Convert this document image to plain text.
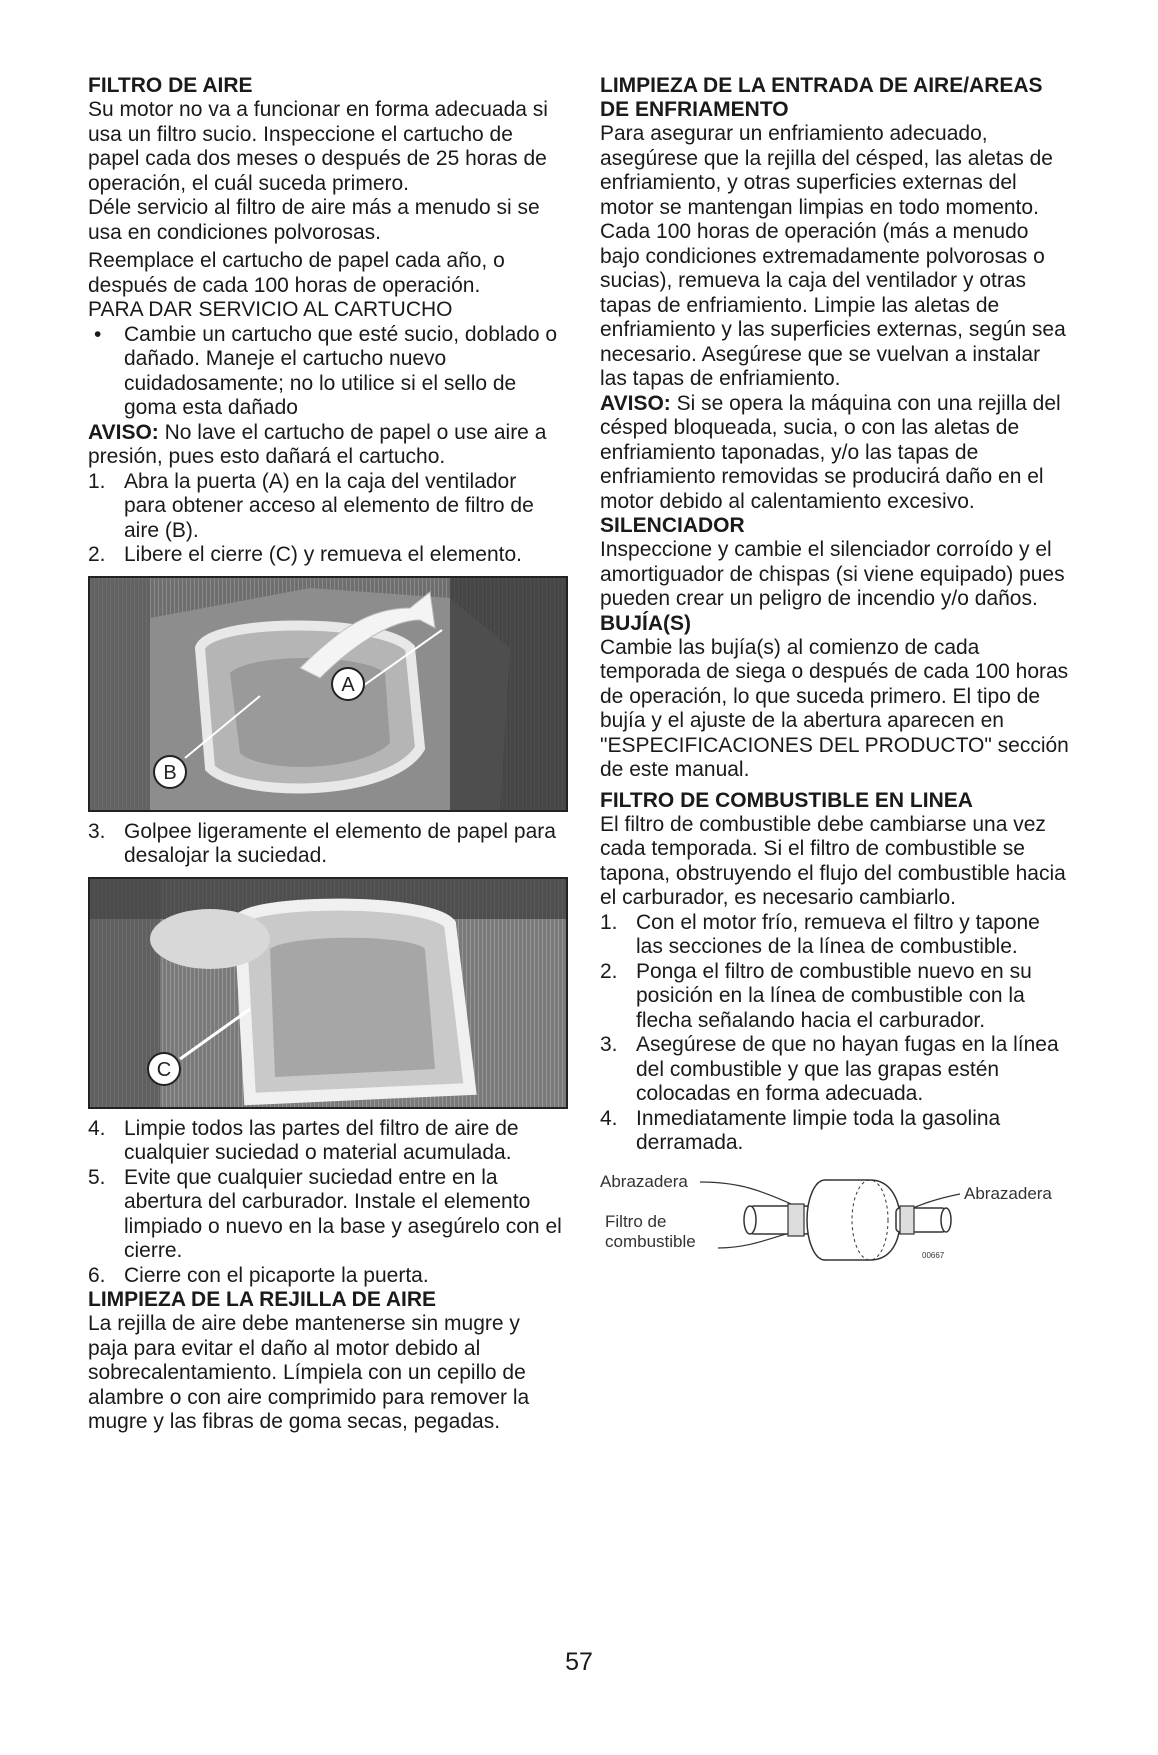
FILTRO DE AIRE

Su motor no va a funcionar en forma adecuada si usa un filtro sucio. Inspeccione el cartucho de papel cada dos meses o después de 25 horas de operación, el cuál suceda primero.

Déle servicio al filtro de aire más a menudo si se usa en condiciones polvorosas.

Reemplace el cartucho de papel cada año, o después de cada 100 horas de operación.

PARA DAR SERVICIO AL CARTUCHO

• Cambie un cartucho que esté sucio, doblado o dañado. Maneje el cartucho nuevo cuidadosamente; no lo utilice si el sello de goma esta dañado

AVISO: No lave el cartucho de papel o use aire a presión, pues esto dañará el cartucho.

1. Abra la puerta (A) en la caja del ventilador para obtener acceso al elemento de filtro de aire (B).

2. Libere el cierre (C) y remueva el elemento.

A
B

3. Golpee ligeramente el elemento de papel para desalojar la suciedad.

C

4. Limpie todos las partes del filtro de aire de cualquier suciedad o material acumulada.

5. Evite que cualquier suciedad entre en la abertura del carburador. Instale el elemento limpiado o nuevo en la base y asegúrelo con el cierre.

6. Cierre con el picaporte la puerta.

LIMPIEZA DE LA REJILLA DE AIRE

La rejilla de aire debe mantenerse sin mugre y paja para evitar el daño al motor debido al sobrecalentamiento. Límpiela con un cepillo de alambre o con aire comprimido para remover la mugre y las fibras de goma secas, pegadas.

LIMPIEZA DE LA ENTRADA DE AIRE/AREAS DE ENFRIAMENTO

Para asegurar un enfriamiento adecuado, asegúrese que la rejilla del césped, las aletas de enfriamiento, y otras superficies externas del motor se mantengan limpias en todo momento. Cada 100 horas de operación (más a menudo bajo condiciones extremadamente polvorosas o sucias), remueva la caja del ventilador y otras tapas de enfriamiento. Limpie las aletas de enfriamiento y las superficies externas, según sea necesario. Asegúrese que se vuelvan a instalar las tapas de enfriamiento.

AVISO: Si se opera la máquina con una rejilla del césped bloqueada, sucia, o con las aletas de enfriamiento taponadas, y/o las tapas de enfriamiento removidas se producirá daño en el motor debido al calentamiento excesivo.

SILENCIADOR

Inspeccione y cambie el silenciador corroído y el amortiguador de chispas (si viene equipado) pues pueden crear un peligro de incendio y/o daños.

BUJÍA(S)

Cambie las bujía(s) al comienzo de cada temporada de siega o después de cada 100 horas de operación, lo que suceda primero. El tipo de bujía y el ajuste de la abertura aparecen en "ESPECIFICACIONES DEL PRODUCTO" sección de este manual.

FILTRO DE COMBUSTIBLE EN LINEA

El filtro de combustible debe cambiarse una vez cada temporada. Si el filtro de combustible se tapona, obstruyendo el flujo del combustible hacia el carburador, es necesario cambiarlo.

1. Con el motor frío, remueva el filtro y tapone las secciones de la línea de combustible.

2. Ponga el filtro de combustible nuevo en su posición en la línea de combustible con la flecha señalando hacia el carburador.

3. Asegúrese de que no hayan fugas en la línea del combustible y que las grapas estén colocadas en forma adecuada.

4. Inmediatamente limpie toda la gasolina derramada.

Abrazadera
Filtro de
combustible
Abrazadera
00667
57
